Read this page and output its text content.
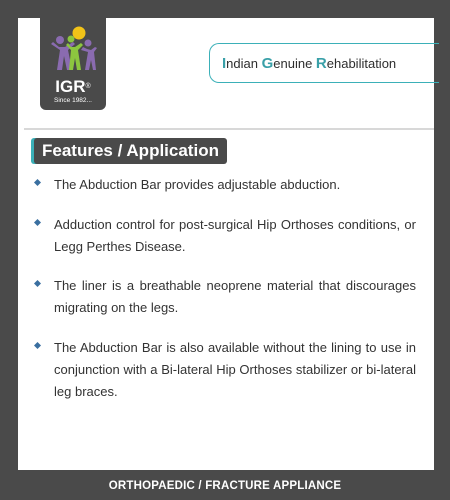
IGR®
Since 1982...
Indian Genuine Rehabilitation
Features / Application
The Abduction Bar provides adjustable abduction.
Adduction control for post-surgical Hip Orthoses conditions, or Legg Perthes Disease.
The liner is a breathable neoprene material that discourages migrating on the legs.
The Abduction Bar is also available without the lining to use in conjunction with a Bi-lateral Hip Orthoses stabilizer or bi-lateral leg braces.
ORTHOPAEDIC / FRACTURE APPLIANCE
